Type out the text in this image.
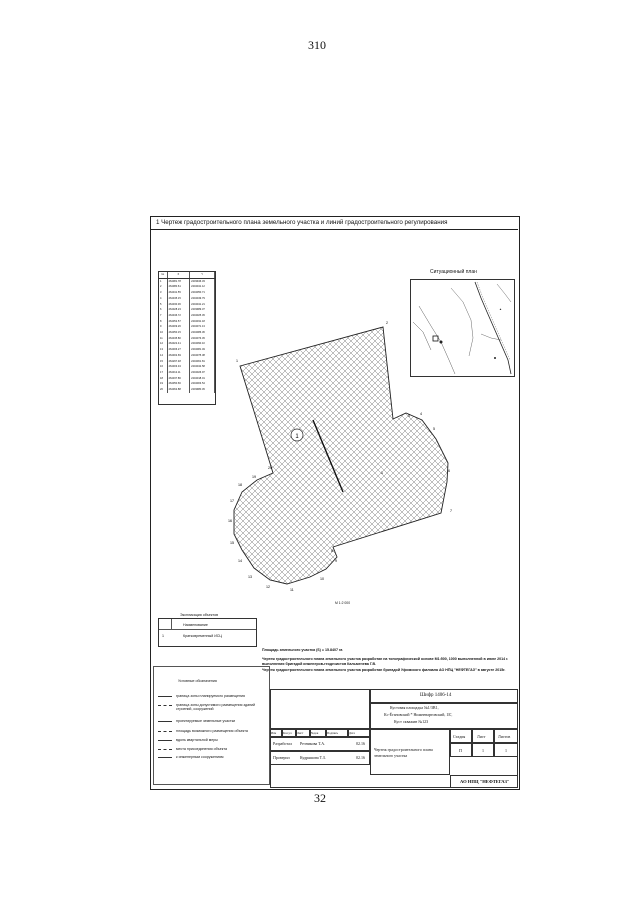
310
1 Чертеж градостроительного плана земельного участка и линий градостроительного регулирования
№	X	Y
1	464381.78	2203946.33
2	464380.61	2204041.12
3	464341.55	2204050.71
4	464345.15	2204049.79
5	464330.36	2204041.21
6	464328.23	2203989.37
7	464346.72	2204025.45
8	464352.57	2204031.18
9	464309.26	2204071.13
10	464350.15	2204086.36
11	464345.80	2204073.45
12	464322.41	2204090.10
13	464306.27	2204081.49
14	464302.69	2204075.38
15	464297.48	2204061.81
16	464303.34	2204042.58
17	464312.11	2204026.97
18	464337.86	2204018.01
19	464350.66	2204003.54
20	464362.88	2203980.45
Ситуационный план
▲
1
2
3	4
5
6
7
8
9
10
11
12
13
14
15
16
17
18
19
20
1
1
М 1:2 000
Экспликация объектов
Наименование
1	Кратковременный ИСЦ
Площадь земельного участка (S) = 15.8407 га
Чертеж градостроительного плана земельного участка разработан на топографической основе М1:500, 1000 выполненной в июне 2014 г. выполнения бригадой инженеров-геодезистов Кальменева Г.В.
Чертеж градостроительного плана земельного участка разработан бригадой Уфимского филиала АО НПЦ "НЕФТЕГАЗ" в августе 2015г.
Условные обозначения
граница зоны планируемого размещения
граница зоны допустимого размещения зданий строений, сооружений
проектируемые земельные участки
площадь возможного размещения объекта
вдоль квартальной меры
места присоединения объекта
к инженерным сооружениям
Шифр 1406-14
Кустовая площадка №1/3В1,
Кс-Ёгановский * Нижневартовский, 1Б',
Куст скважин №123
Изм Кол.уч Лист	№док	Подпись	Дата
Разработал Резникова Т.А.	02.16
Проверил	Кудряшова Т.З.	02.16
Чертеж градостроительного плана земельного участка
Стадия	Лист	Листов
П	1	1
АО НПЦ "НЕФТЕГАЗ"
32
